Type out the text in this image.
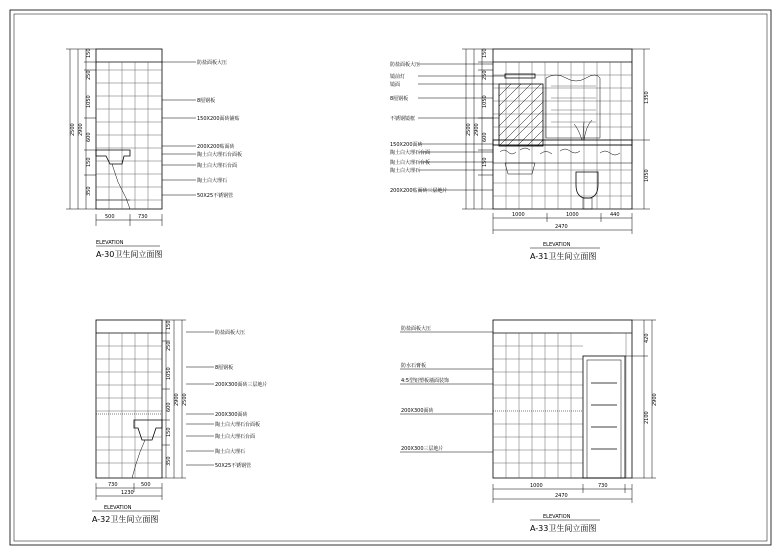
150
250
1050
600
150
350
2900
2500
500	730
防盐面板大压
8厘钢板
150X200面砖铺贴
200X200贴面砖
陶土白大理石台面板
陶土白大理石台面
陶土白大理石
50X25不锈钢管
ELEVATION
A-30卫生间立面图
150
250
1050
600
150
2900
2500
1350
1050
1000	1000	440
2470
防盐面板大压
镜前灯
镜面
8厘钢板
不锈钢镜框
150X200面砖
陶土白大理石台面
陶土白大理石台板
陶土白大理石
200X200贴面砖三层地片
ELEVATION
A-31卫生间立面图
150
250
1050
600
150
350
2900 2500
730	500
1230
防盐面板大压
8厘钢板
200X300面砖三层地片
200X300面砖
陶土白大理石台面板
陶土白大理石台面
陶土白大理石
50X25不锈钢管
ELEVATION
A-32卫生间立面图
420
2100
2900
1000	730
2470
防盐面板大压
防水石膏板
4:5型铝塑板墙面装饰
200X300面砖
200X300三层地片
ELEVATION
A-33卫生间立面图
